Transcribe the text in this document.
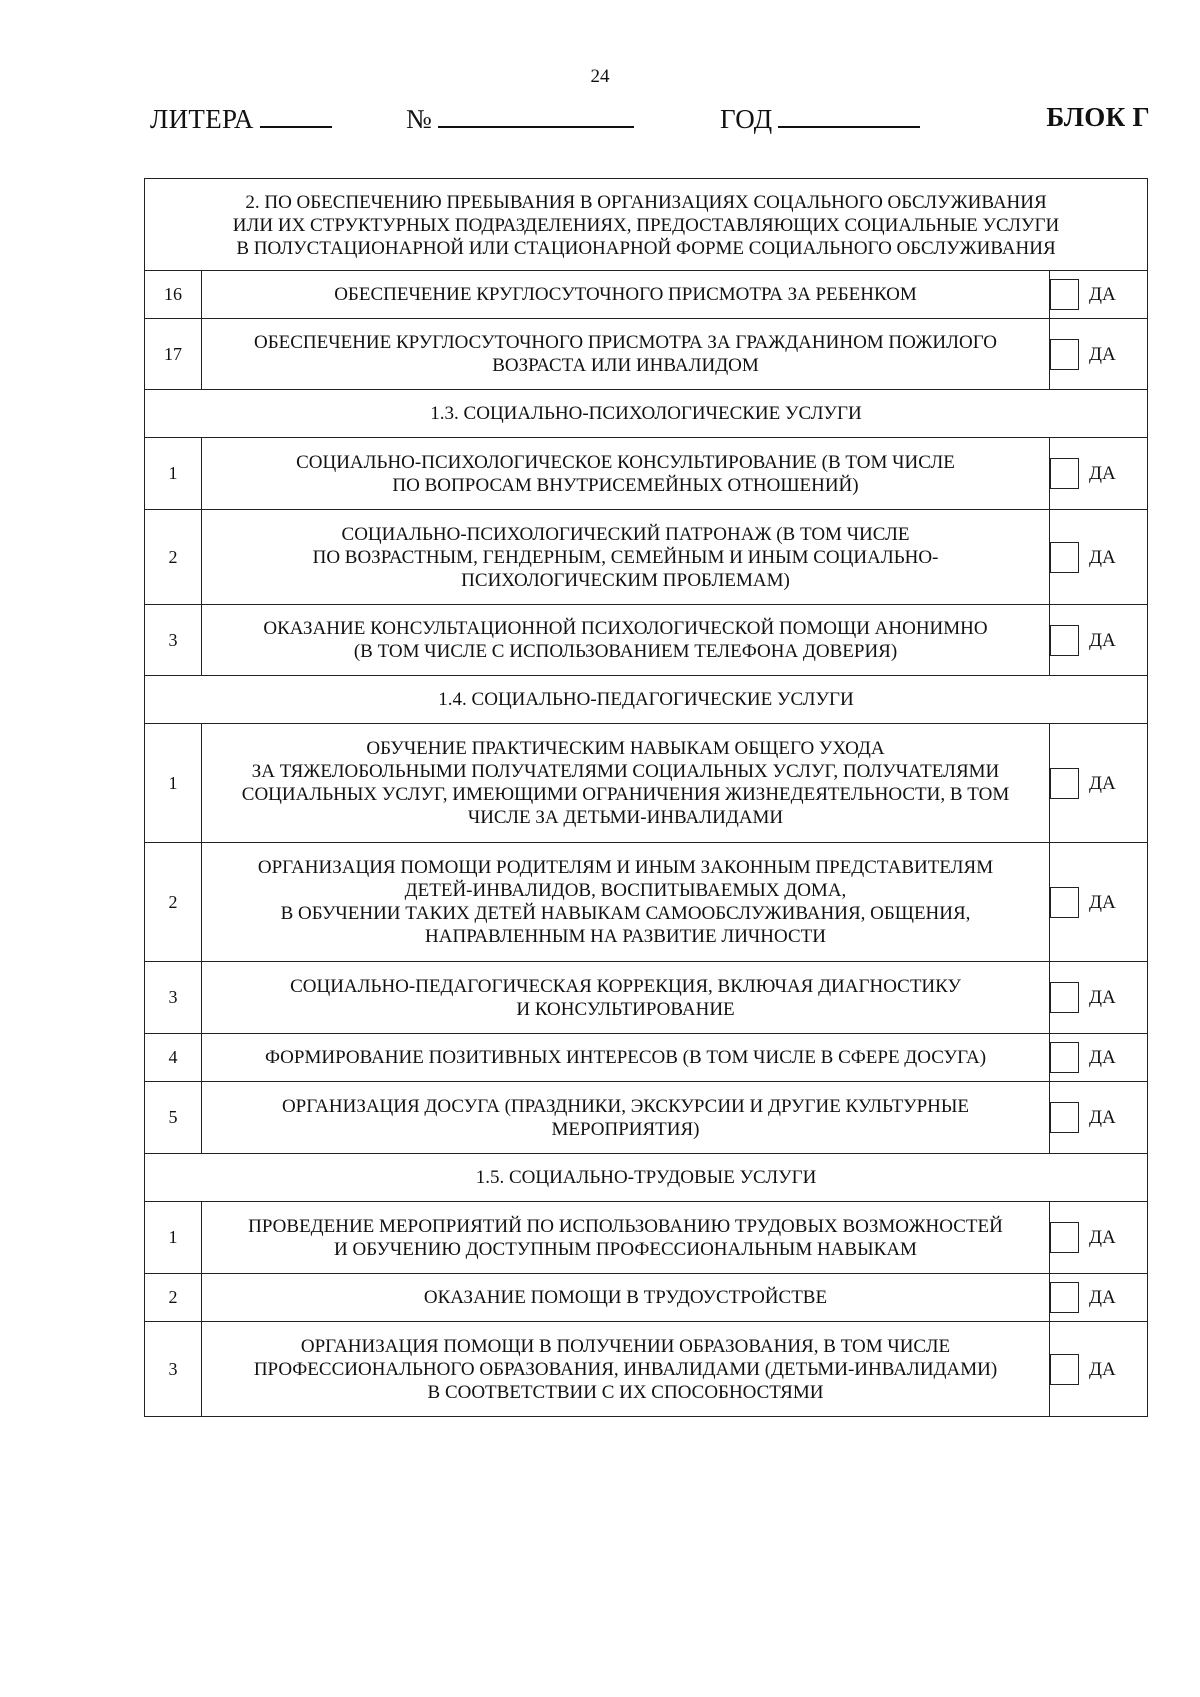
24
ЛИТЕРА	№	ГОД	БЛОК Г
2. ПО ОБЕСПЕЧЕНИЮ ПРЕБЫВАНИЯ В ОРГАНИЗАЦИЯХ СОЦАЛЬНОГО ОБСЛУЖИВАНИЯ
ИЛИ ИХ СТРУКТУРНЫХ ПОДРАЗДЕЛЕНИЯХ, ПРЕДОСТАВЛЯЮЩИХ СОЦИАЛЬНЫЕ УСЛУГИ
В ПОЛУСТАЦИОНАРНОЙ ИЛИ СТАЦИОНАРНОЙ ФОРМЕ СОЦИАЛЬНОГО ОБСЛУЖИВАНИЯ		

16	ОБЕСПЕЧЕНИЕ КРУГЛОСУТОЧНОГО ПРИСМОТРА ЗА РЕБЕНКОМ	ДА
17	ОБЕСПЕЧЕНИЕ КРУГЛОСУТОЧНОГО ПРИСМОТРА ЗА ГРАЖДАНИНОМ ПОЖИЛОГО
ВОЗРАСТА ИЛИ ИНВАЛИДОМ	ДА
1.3. СОЦИАЛЬНО-ПСИХОЛОГИЧЕСКИЕ УСЛУГИ		
1	СОЦИАЛЬНО-ПСИХОЛОГИЧЕСКОЕ КОНСУЛЬТИРОВАНИЕ (В ТОМ ЧИСЛЕ
ПО ВОПРОСАМ ВНУТРИСЕМЕЙНЫХ ОТНОШЕНИЙ)	ДА
2	СОЦИАЛЬНО-ПСИХОЛОГИЧЕСКИЙ ПАТРОНАЖ (В ТОМ ЧИСЛЕ
ПО ВОЗРАСТНЫМ, ГЕНДЕРНЫМ, СЕМЕЙНЫМ И ИНЫМ СОЦИАЛЬНО-
ПСИХОЛОГИЧЕСКИМ ПРОБЛЕМАМ)	ДА
3	ОКАЗАНИЕ КОНСУЛЬТАЦИОННОЙ ПСИХОЛОГИЧЕСКОЙ ПОМОЩИ АНОНИМНО
(В ТОМ ЧИСЛЕ С ИСПОЛЬЗОВАНИЕМ ТЕЛЕФОНА ДОВЕРИЯ)	ДА
1.4. СОЦИАЛЬНО-ПЕДАГОГИЧЕСКИЕ УСЛУГИ		
1	ОБУЧЕНИЕ ПРАКТИЧЕСКИМ НАВЫКАМ ОБЩЕГО УХОДА
ЗА ТЯЖЕЛОБОЛЬНЫМИ ПОЛУЧАТЕЛЯМИ СОЦИАЛЬНЫХ УСЛУГ, ПОЛУЧАТЕЛЯМИ
СОЦИАЛЬНЫХ УСЛУГ, ИМЕЮЩИМИ ОГРАНИЧЕНИЯ ЖИЗНЕДЕЯТЕЛЬНОСТИ, В ТОМ
ЧИСЛЕ ЗА ДЕТЬМИ-ИНВАЛИДАМИ	ДА
2	ОРГАНИЗАЦИЯ ПОМОЩИ РОДИТЕЛЯМ И ИНЫМ ЗАКОННЫМ ПРЕДСТАВИТЕЛЯМ
ДЕТЕЙ-ИНВАЛИДОВ, ВОСПИТЫВАЕМЫХ ДОМА,
В ОБУЧЕНИИ ТАКИХ ДЕТЕЙ НАВЫКАМ САМООБСЛУЖИВАНИЯ, ОБЩЕНИЯ,
НАПРАВЛЕННЫМ НА РАЗВИТИЕ ЛИЧНОСТИ	ДА
3	СОЦИАЛЬНО-ПЕДАГОГИЧЕСКАЯ КОРРЕКЦИЯ, ВКЛЮЧАЯ ДИАГНОСТИКУ
И КОНСУЛЬТИРОВАНИЕ	ДА
4	ФОРМИРОВАНИЕ ПОЗИТИВНЫХ ИНТЕРЕСОВ (В ТОМ ЧИСЛЕ В СФЕРЕ ДОСУГА)	ДА
5	ОРГАНИЗАЦИЯ ДОСУГА (ПРАЗДНИКИ, ЭКСКУРСИИ И ДРУГИЕ КУЛЬТУРНЫЕ
МЕРОПРИЯТИЯ)	ДА
1.5. СОЦИАЛЬНО-ТРУДОВЫЕ УСЛУГИ		
1	ПРОВЕДЕНИЕ МЕРОПРИЯТИЙ ПО ИСПОЛЬЗОВАНИЮ ТРУДОВЫХ ВОЗМОЖНОСТЕЙ
И ОБУЧЕНИЮ ДОСТУПНЫМ ПРОФЕССИОНАЛЬНЫМ НАВЫКАМ	ДА
2	ОКАЗАНИЕ ПОМОЩИ В ТРУДОУСТРОЙСТВЕ	ДА
3	ОРГАНИЗАЦИЯ ПОМОЩИ В ПОЛУЧЕНИИ ОБРАЗОВАНИЯ, В ТОМ ЧИСЛЕ
ПРОФЕССИОНАЛЬНОГО ОБРАЗОВАНИЯ, ИНВАЛИДАМИ (ДЕТЬМИ-ИНВАЛИДАМИ)
В СООТВЕТСТВИИ С ИХ СПОСОБНОСТЯМИ	ДА
